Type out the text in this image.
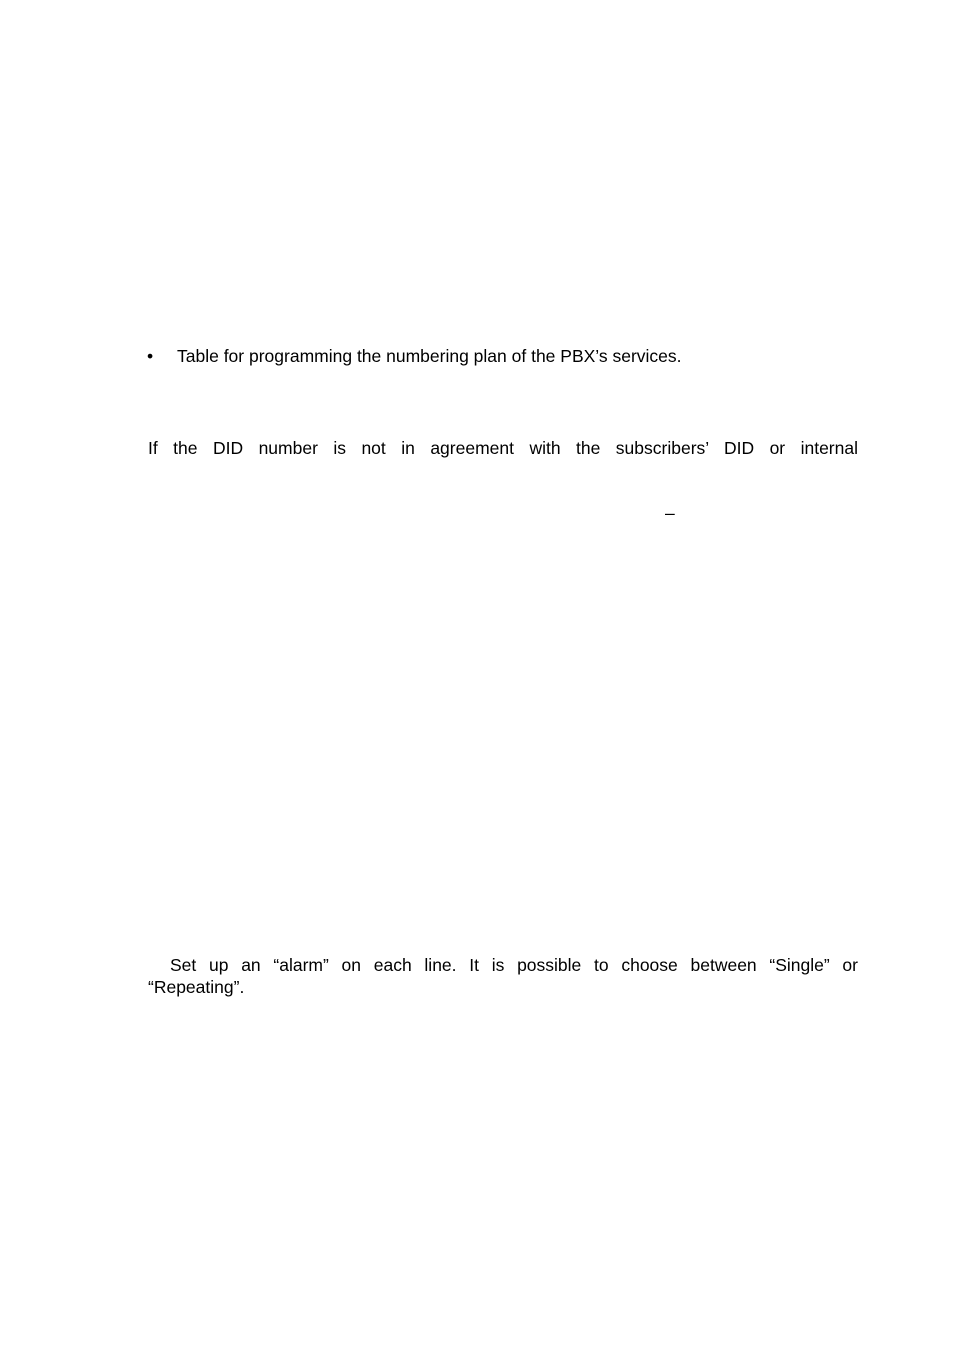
• Table for programming the numbering plan of the PBX’s services.
If the DID number is not in agreement with the subscribers’ DID or internal
–
Set up an “alarm” on each line. It is possible to choose between “Single” or
“Repeating”.
